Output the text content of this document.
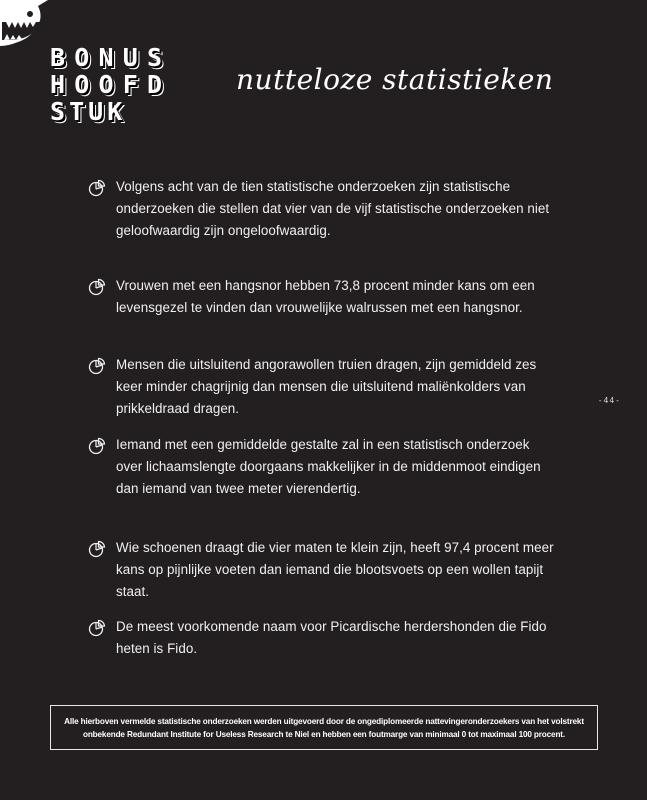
B O N U S
H O O F D
S T U K
nutteloze statistieken
Volgens acht van de tien statistische onderzoeken zijn statistische onderzoeken die stellen dat vier van de vijf statistische onderzoeken niet geloofwaardig zijn ongeloofwaardig.
Vrouwen met een hangsnor hebben 73,8 procent minder kans om een levensgezel te vinden dan vrouwelijke walrussen met een hangsnor.
Mensen die uitsluitend angorawollen truien dragen, zijn gemiddeld zes keer minder chagrijnig dan mensen die uitsluitend maliënkolders van prikkeldraad dragen.
Iemand met een gemiddelde gestalte zal in een statistisch onderzoek over lichaamslengte doorgaans makkelijker in de middenmoot eindigen dan iemand van twee meter vierendertig.
Wie schoenen draagt die vier maten te klein zijn, heeft 97,4 procent meer kans op pijnlijke voeten dan iemand die blootsvoets op een wollen tapijt staat.
De meest voorkomende naam voor Picardische herdershonden die Fido heten is Fido.
-44-
Alle hierboven vermelde statistische onderzoeken werden uitgevoerd door de ongediplomeerde nattevingeronderzoekers van het volstrekt onbekende Redundant Institute for Useless Research te Niel en hebben een foutmarge van minimaal 0 tot maximaal 100 procent.
